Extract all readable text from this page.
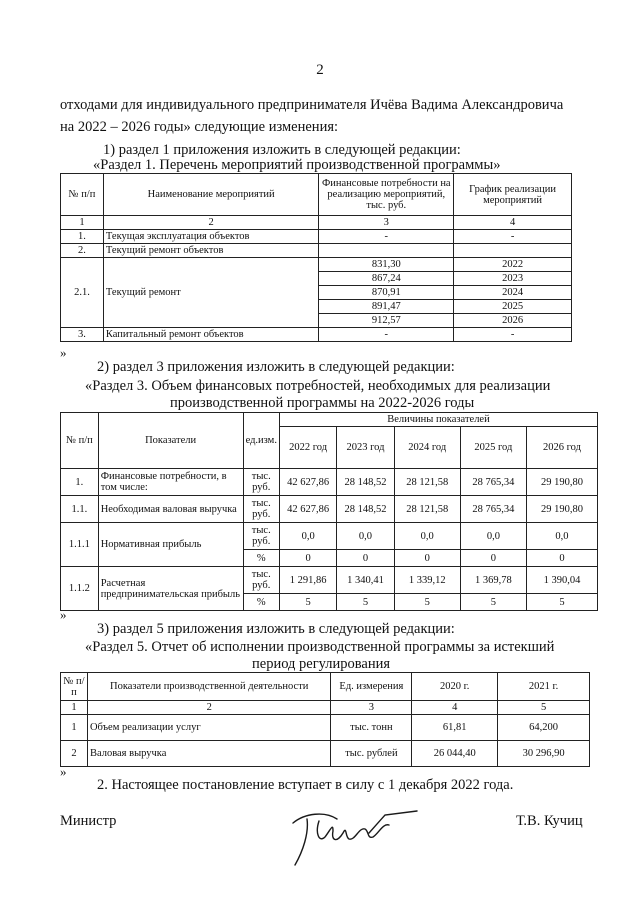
2
отходами для индивидуального предпринимателя Ичёва Вадима Александровича
на 2022 – 2026 годы» следующие изменения:
1) раздел 1 приложения изложить в следующей редакции:
«Раздел 1. Перечень мероприятий производственной программы»
№ п/п	Наименование мероприятий	Финансовые потребности на реализацию мероприятий, тыс. руб.	График реализации мероприятий
1	2	3	4
1.	Текущая эксплуатация объектов	-	-
2.	Текущий ремонт объектов		
2.1.	Текущий ремонт	831,30	2022
		867,24	2023
		870,91	2024
		891,47	2025
		912,57	2026
3.	Капитальный ремонт объектов	-	-
»
2) раздел 3 приложения изложить в следующей редакции:
«Раздел 3. Объем финансовых потребностей, необходимых для реализации
производственной программы на 2022-2026 годы
№ п/п	Показатели	ед.изм.	Величины показателей				
			2022 год	2023 год	2024 год	2025 год	2026 год
1.	Финансовые потребности, в том числе:	тыс. руб.	42 627,86	28 148,52	28 121,58	28 765,34	29 190,80
1.1.	Необходимая валовая выручка	тыс. руб.	42 627,86	28 148,52	28 121,58	28 765,34	29 190,80
1.1.1	Нормативная прибыль	тыс. руб.	0,0	0,0	0,0	0,0	0,0
		%	0	0	0	0	0
1.1.2	Расчетная предпринимательская прибыль	тыс. руб.	1 291,86	1 340,41	1 339,12	1 369,78	1 390,04
		%	5	5	5	5	5
»
3) раздел 5 приложения изложить в следующей редакции:
«Раздел 5. Отчет об исполнении производственной программы за истекший
период регулирования
№ п/п	Показатели производственной деятельности	Ед. измерения	2020 г.	2021 г.
1	2	3	4	5
1	Объем реализации услуг	тыс. тонн	61,81	64,200
2	Валовая выручка	тыс. рублей	26 044,40	30 296,90
»
2. Настоящее постановление вступает в силу с 1 декабря 2022 года.
Министр	Т.В. Кучиц
